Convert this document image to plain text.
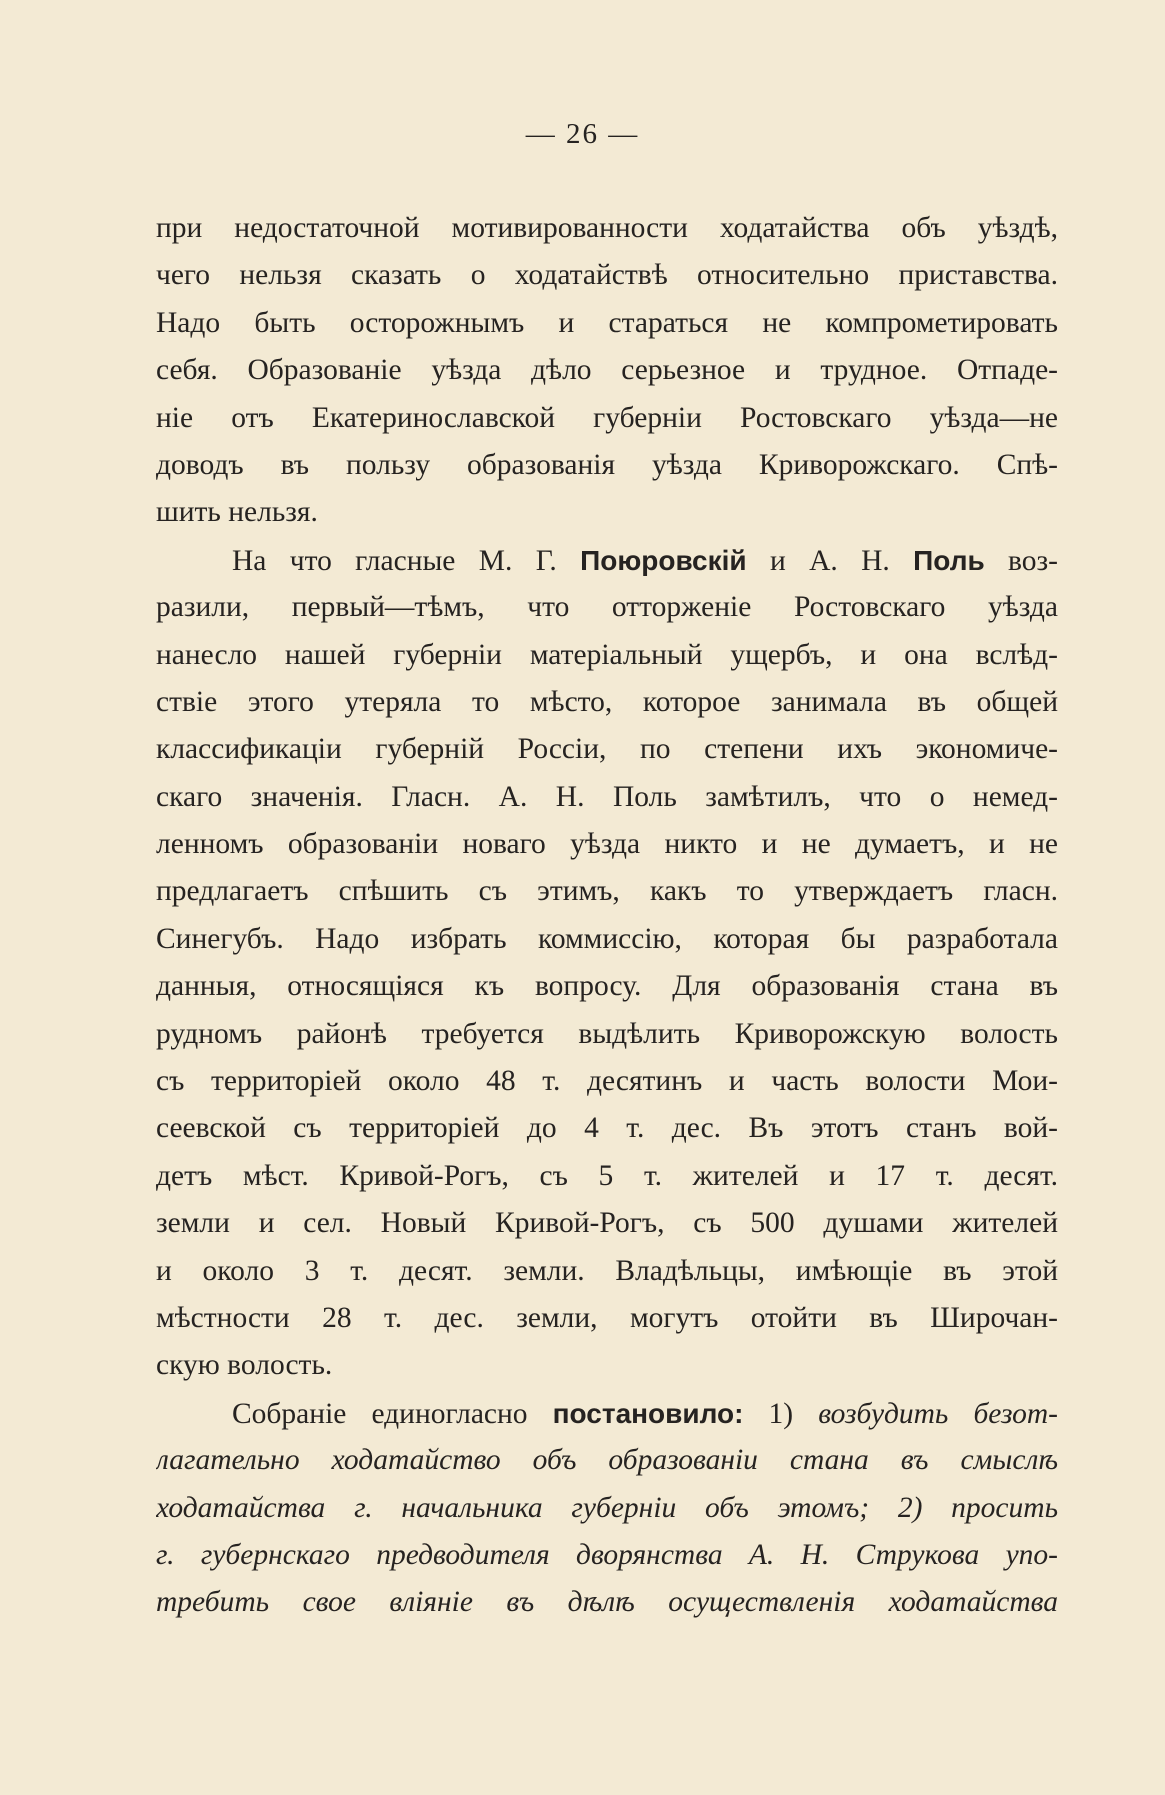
— 26 —
при недостаточной мотивированности ходатайства объ уѣздѣ,
чего нельзя сказать о ходатайствѣ относительно приставства.
Надо быть осторожнымъ и стараться не компрометировать
себя. Образованіе уѣзда дѣло серьезное и трудное. Отпаде-
ніе отъ Екатеринославской губерніи Ростовскаго уѣзда—не
доводъ въ пользу образованія уѣзда Криворожскаго. Спѣ-
шить нельзя.
На что гласные М. Г. Поюровскій и А. Н. Поль воз-
разили, первый—тѣмъ, что отторженіе Ростовскаго уѣзда
нанесло нашей губерніи матеріальный ущербъ, и она вслѣд-
ствіе этого утеряла то мѣсто, которое занимала въ общей
классификаціи губерній Россіи, по степени ихъ экономиче-
скаго значенія. Гласн. А. Н. Поль замѣтилъ, что о немед-
ленномъ образованіи новаго уѣзда никто и не думаетъ, и не
предлагаетъ спѣшить съ этимъ, какъ то утверждаетъ гласн.
Синегубъ. Надо избрать коммиссію, которая бы разработала
данныя, относящіяся къ вопросу. Для образованія стана въ
рудномъ районѣ требуется выдѣлить Криворожскую волость
съ территоріей около 48 т. десятинъ и часть волости Мои-
сеевской съ территоріей до 4 т. дес. Въ этотъ станъ вой-
детъ мѣст. Кривой-Рогъ, съ 5 т. жителей и 17 т. десят.
земли и сел. Новый Кривой-Рогъ, съ 500 душами жителей
и около 3 т. десят. земли. Владѣльцы, имѣющіе въ этой
мѣстности 28 т. дес. земли, могутъ отойти въ Широчан-
скую волость.
Собраніе единогласно постановило: 1) возбудить безот-
лагательно ходатайство объ образованіи стана въ смыслѣ
ходатайства г. начальника губерніи объ этомъ; 2) просить
г. губернскаго предводителя дворянства А. Н. Струкова упо-
требить свое вліяніе въ дѣлѣ осуществленія ходатайства
